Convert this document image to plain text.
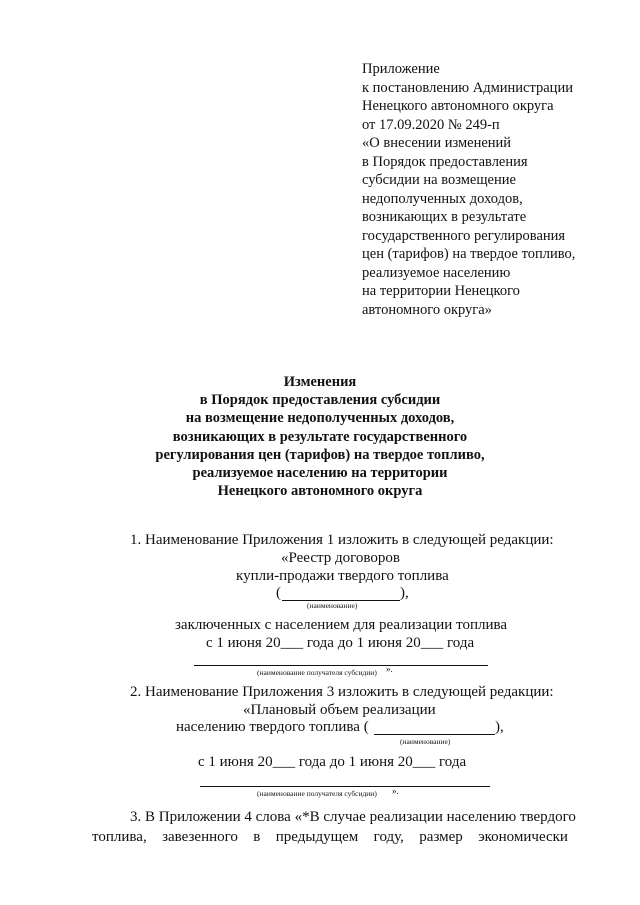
Приложение
к постановлению Администрации
Ненецкого автономного округа
от 17.09.2020 № 249-п
«О внесении изменений
в Порядок предоставления
субсидии на возмещение
недополученных доходов,
возникающих в результате
государственного регулирования
цен (тарифов) на твердое топливо,
реализуемое населению
на территории Ненецкого
автономного округа»
Изменения
в Порядок предоставления субсидии
на возмещение недополученных доходов,
возникающих в результате государственного
регулирования цен (тарифов) на твердое топливо,
реализуемое населению на территории
Ненецкого автономного округа
1. Наименование Приложения 1 изложить в следующей редакции:
«Реестр договоров
купли-продажи твердого топлива
(	),
(наименование)
заключенных с населением для реализации топлива
с 1 июня 20___ года до 1 июня 20___ года
(наименование получателя субсидии) ».
2. Наименование Приложения 3 изложить в следующей редакции:
«Плановый объем реализации
населению твердого топлива (	),
(наименование)
с 1 июня 20___ года до 1 июня 20___ года
(наименование получателя субсидии) ».
3. В Приложении 4 слова «*В случае реализации населению твердого
топлива, завезенного в предыдущем году, размер экономически
